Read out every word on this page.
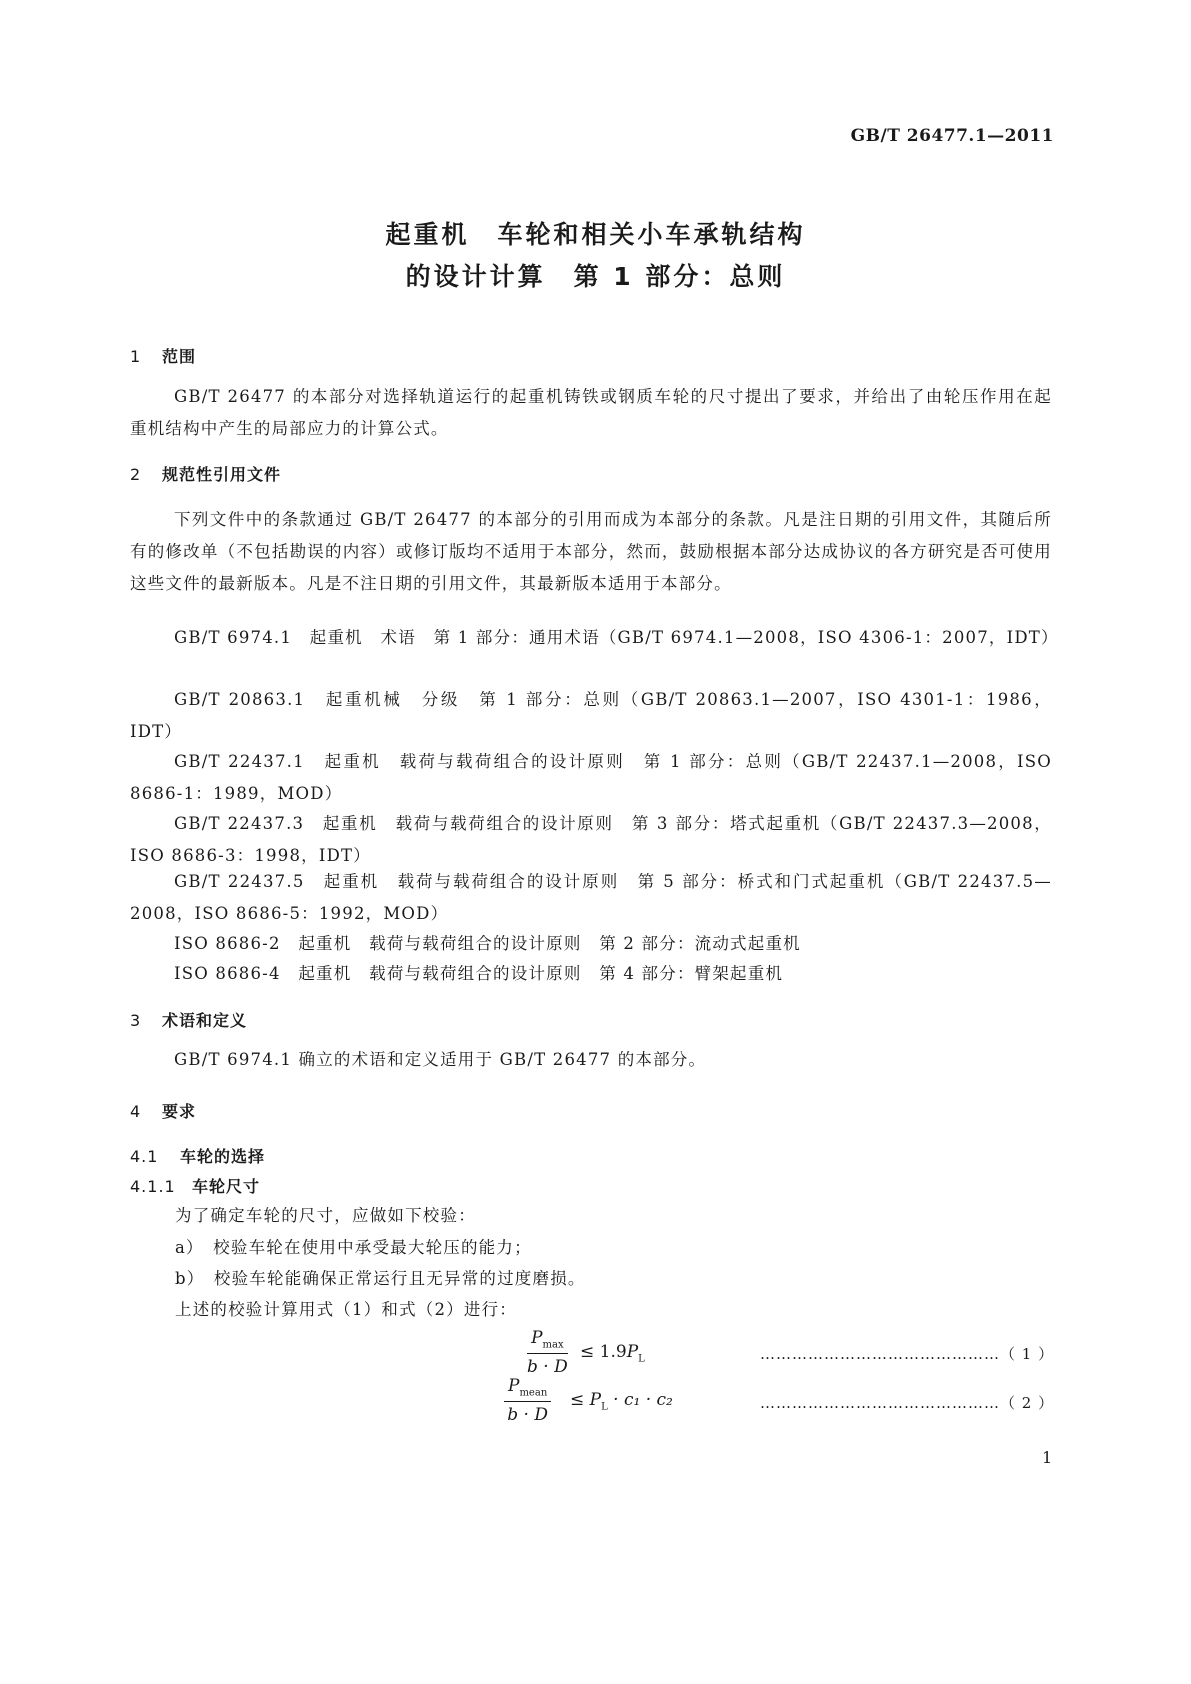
GB/T 26477.1—2011
起重机　车轮和相关小车承轨结构
的设计计算　第 1 部分：总则
1 范围
GB/T 26477 的本部分对选择轨道运行的起重机铸铁或钢质车轮的尺寸提出了要求，并给出了由轮压作用在起重机结构中产生的局部应力的计算公式。
2 规范性引用文件
下列文件中的条款通过 GB/T 26477 的本部分的引用而成为本部分的条款。凡是注日期的引用文件，其随后所有的修改单（不包括勘误的内容）或修订版均不适用于本部分，然而，鼓励根据本部分达成协议的各方研究是否可使用这些文件的最新版本。凡是不注日期的引用文件，其最新版本适用于本部分。
GB/T 6974.1　起重机　术语　第 1 部分：通用术语（GB/T 6974.1—2008，ISO 4306-1：2007，IDT）
GB/T 20863.1　起重机械　分级　第 1 部分：总则（GB/T 20863.1—2007，ISO 4301-1：1986，IDT）
GB/T 22437.1　起重机　载荷与载荷组合的设计原则　第 1 部分：总则（GB/T 22437.1—2008，ISO 8686-1：1989，MOD）
GB/T 22437.3　起重机　载荷与载荷组合的设计原则　第 3 部分：塔式起重机（GB/T 22437.3—2008，ISO 8686-3：1998，IDT）
GB/T 22437.5　起重机　载荷与载荷组合的设计原则　第 5 部分：桥式和门式起重机（GB/T 22437.5—2008，ISO 8686-5：1992，MOD）
ISO 8686-2　起重机　载荷与载荷组合的设计原则　第 2 部分：流动式起重机
ISO 8686-4　起重机　载荷与载荷组合的设计原则　第 4 部分：臂架起重机
3 术语和定义
GB/T 6974.1 确立的术语和定义适用于 GB/T 26477 的本部分。
4 要求
4.1 车轮的选择
4.1.1 车轮尺寸
为了确定车轮的尺寸，应做如下校验：
a）　校验车轮在使用中承受最大轮压的能力；
b）　校验车轮能确保正常运行且无异常的过度磨损。
上述的校验计算用式（1）和式（2）进行：
$P_{max}$
b · D
≤ $1.9P_L$	………………………………………（ 1 ）
$P_{mean}$
b · D
≤ $P_L \cdot c_1 \cdot c_2$	………………………………………（ 2 ）
1
